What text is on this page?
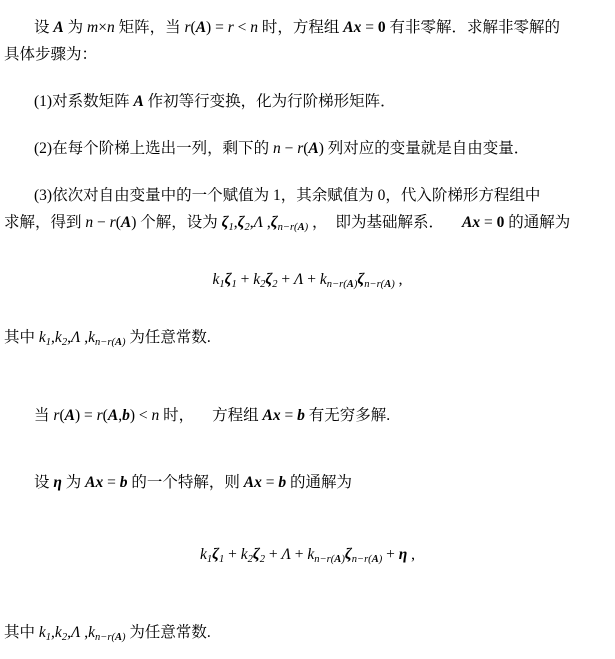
设 A 为 m×n 矩阵，当 r(A) = r < n 时，方程组 Ax = 0 有非零解．求解非零解的
具体步骤为：
(1)对系数矩阵 A 作初等行变换，化为行阶梯形矩阵．
(2)在每个阶梯上选出一列，剩下的 n − r(A) 列对应的变量就是自由变量．
(3)依次对自由变量中的一个赋值为 1，其余赋值为 0，代入阶梯形方程组中
求解，得到 n − r(A) 个解，设为 $\zeta_1,\zeta_2,\Lambda$ $,\zeta_{n-r(A)}$ ， 即为基础解系． Ax = 0 的通解为
$k_1\zeta_1 + k_2\zeta_2 + \Lambda + k_{n-r(A)}\zeta_{n-r(A)}$ ,
其中 $k_1,k_2,\Lambda$ $,k_{n-r(A)}$ 为任意常数.
当 r(A) = r(A,b) < n 时， 方程组 Ax = b 有无穷多解.
设 η 为 Ax = b 的一个特解，则 Ax = b 的通解为
$k_1\zeta_1 + k_2\zeta_2 + \Lambda + k_{n-r(A)}\zeta_{n-r(A)} + \eta$ ,
其中 $k_1,k_2,\Lambda$ $,k_{n-r(A)}$ 为任意常数.
